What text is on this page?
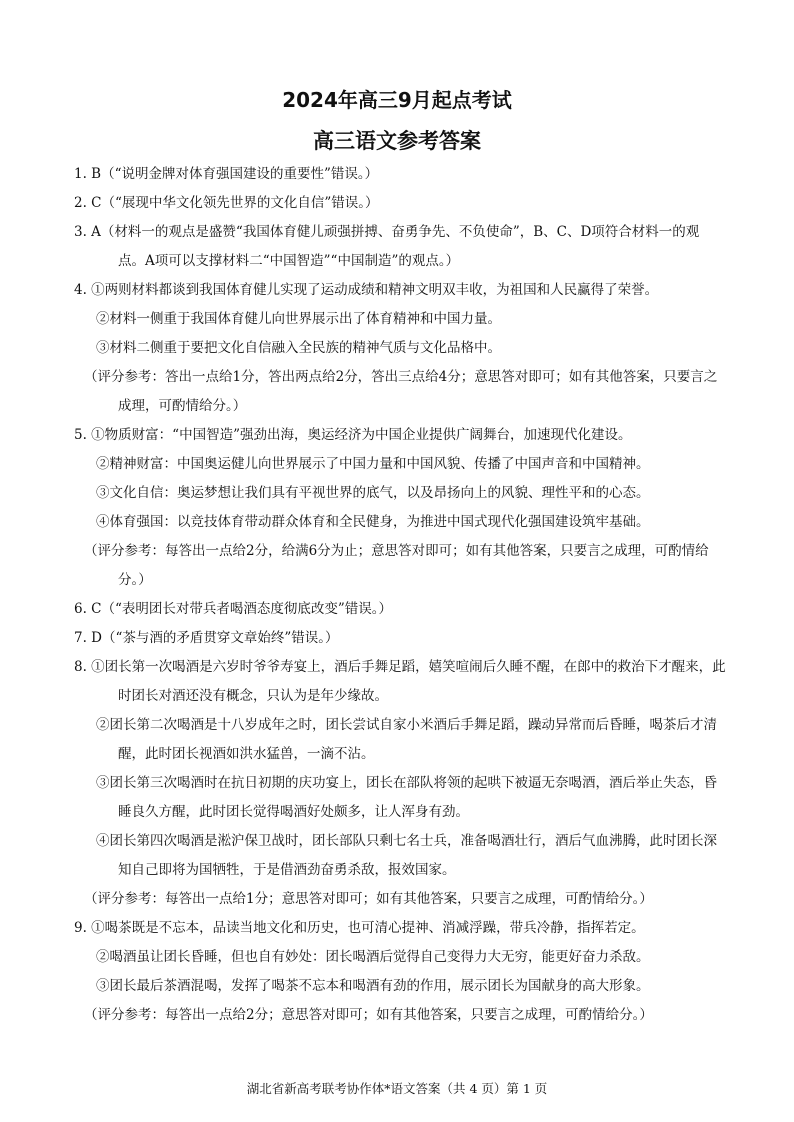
2024年高三9月起点考试
高三语文参考答案

1. B（“说明金牌对体育强国建设的重要性”错误。）

2. C（“展现中华文化领先世界的文化自信”错误。）

3. A（材料一的观点是盛赞“我国体育健儿顽强拼搏、奋勇争先、不负使命”，B、C、D项符合材料一的观点。A项可以支撑材料二“中国智造”“中国制造”的观点。）

4. ①两则材料都谈到我国体育健儿实现了运动成绩和精神文明双丰收，为祖国和人民赢得了荣誉。

②材料一侧重于我国体育健儿向世界展示出了体育精神和中国力量。

③材料二侧重于要把文化自信融入全民族的精神气质与文化品格中。

（评分参考：答出一点给1分，答出两点给2分，答出三点给4分；意思答对即可；如有其他答案，只要言之成理，可酌情给分。）

5. ①物质财富：“中国智造”强劲出海，奥运经济为中国企业提供广阔舞台，加速现代化建设。

②精神财富：中国奥运健儿向世界展示了中国力量和中国风貌、传播了中国声音和中国精神。

③文化自信：奥运梦想让我们具有平视世界的底气，以及昂扬向上的风貌、理性平和的心态。

④体育强国：以竞技体育带动群众体育和全民健身，为推进中国式现代化强国建设筑牢基础。

（评分参考：每答出一点给2分，给满6分为止；意思答对即可；如有其他答案，只要言之成理，可酌情给分。）

6. C（“表明团长对带兵者喝酒态度彻底改变”错误。）

7. D（“茶与酒的矛盾贯穿文章始终”错误。）

8. ①团长第一次喝酒是六岁时爷爷寿宴上，酒后手舞足蹈，嬉笑喧闹后久睡不醒，在郎中的救治下才醒来，此时团长对酒还没有概念，只认为是年少缘故。

②团长第二次喝酒是十八岁成年之时，团长尝试自家小米酒后手舞足蹈，躁动异常而后昏睡，喝茶后才清醒，此时团长视酒如洪水猛兽，一滴不沾。

③团长第三次喝酒时在抗日初期的庆功宴上，团长在部队将领的起哄下被逼无奈喝酒，酒后举止失态，昏睡良久方醒，此时团长觉得喝酒好处颇多，让人浑身有劲。

④团长第四次喝酒是淞沪保卫战时，团长部队只剩七名士兵，准备喝酒壮行，酒后气血沸腾，此时团长深知自己即将为国牺牲，于是借酒劲奋勇杀敌，报效国家。

（评分参考：每答出一点给1分；意思答对即可；如有其他答案，只要言之成理，可酌情给分。）

9. ①喝茶既是不忘本，品读当地文化和历史，也可清心提神、消减浮躁，带兵冷静，指挥若定。

②喝酒虽让团长昏睡，但也自有妙处：团长喝酒后觉得自己变得力大无穷，能更好奋力杀敌。

③团长最后茶酒混喝，发挥了喝茶不忘本和喝酒有劲的作用，展示团长为国献身的高大形象。

（评分参考：每答出一点给2分；意思答对即可；如有其他答案，只要言之成理，可酌情给分。）

湖北省新高考联考协作体*语文答案（共 4 页）第 1 页
